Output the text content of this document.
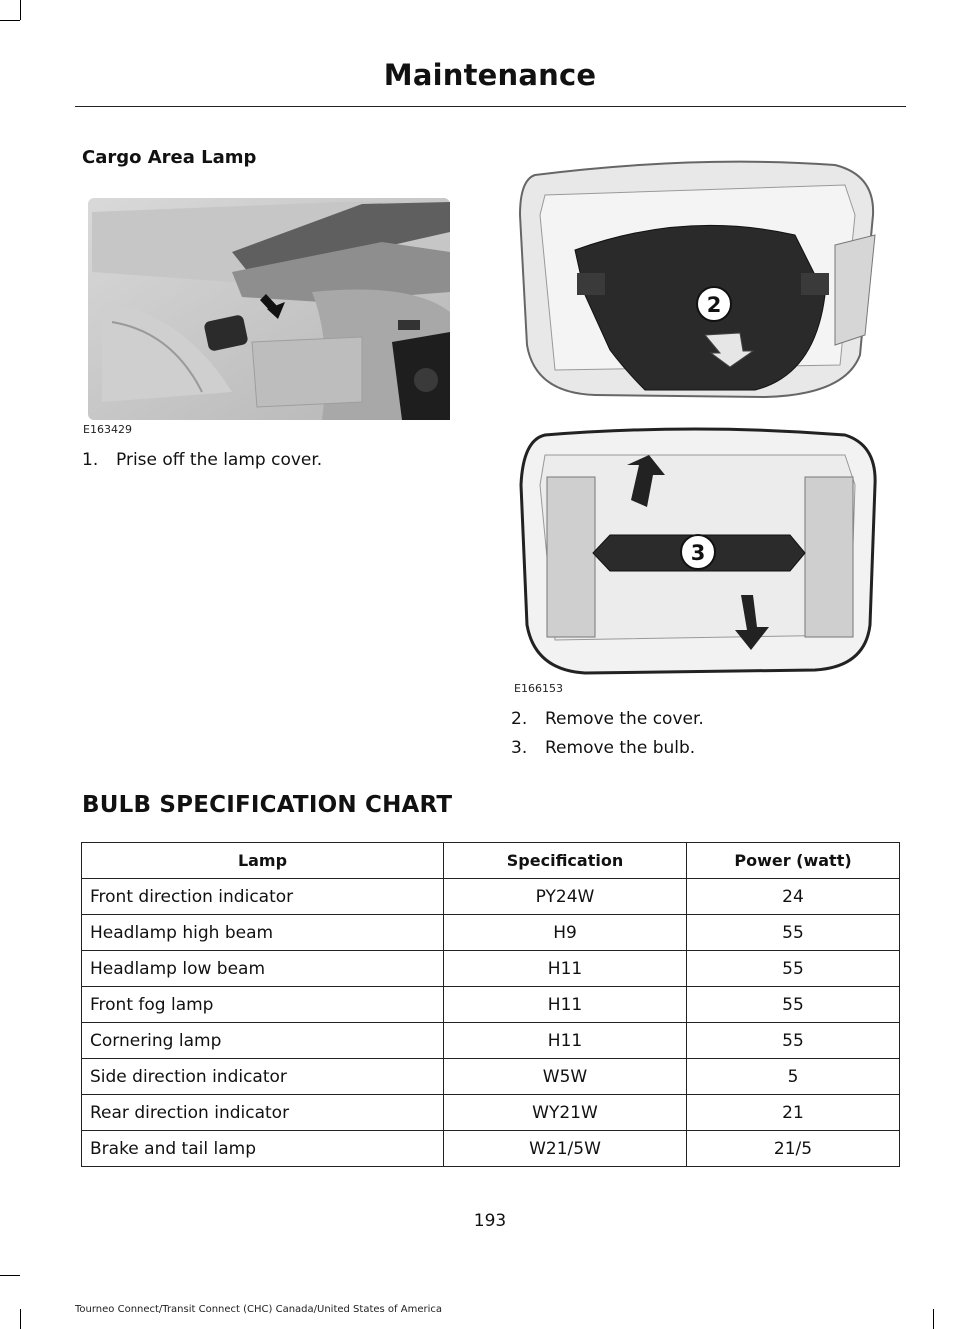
Maintenance
Cargo Area Lamp
E163429
1.	Prise off the lamp cover.
2
3
E166153
2.	Remove the cover.
3.	Remove the bulb.
BULB SPECIFICATION CHART
Lamp	Specification	Power (watt)
Front direction indicator	PY24W	24
Headlamp high beam	H9	55
Headlamp low beam	H11	55
Front fog lamp	H11	55
Cornering lamp	H11	55
Side direction indicator	W5W	5
Rear direction indicator	WY21W	21
Brake and tail lamp	W21/5W	21/5
193
Tourneo Connect/Transit Connect (CHC) Canada/United States of America
